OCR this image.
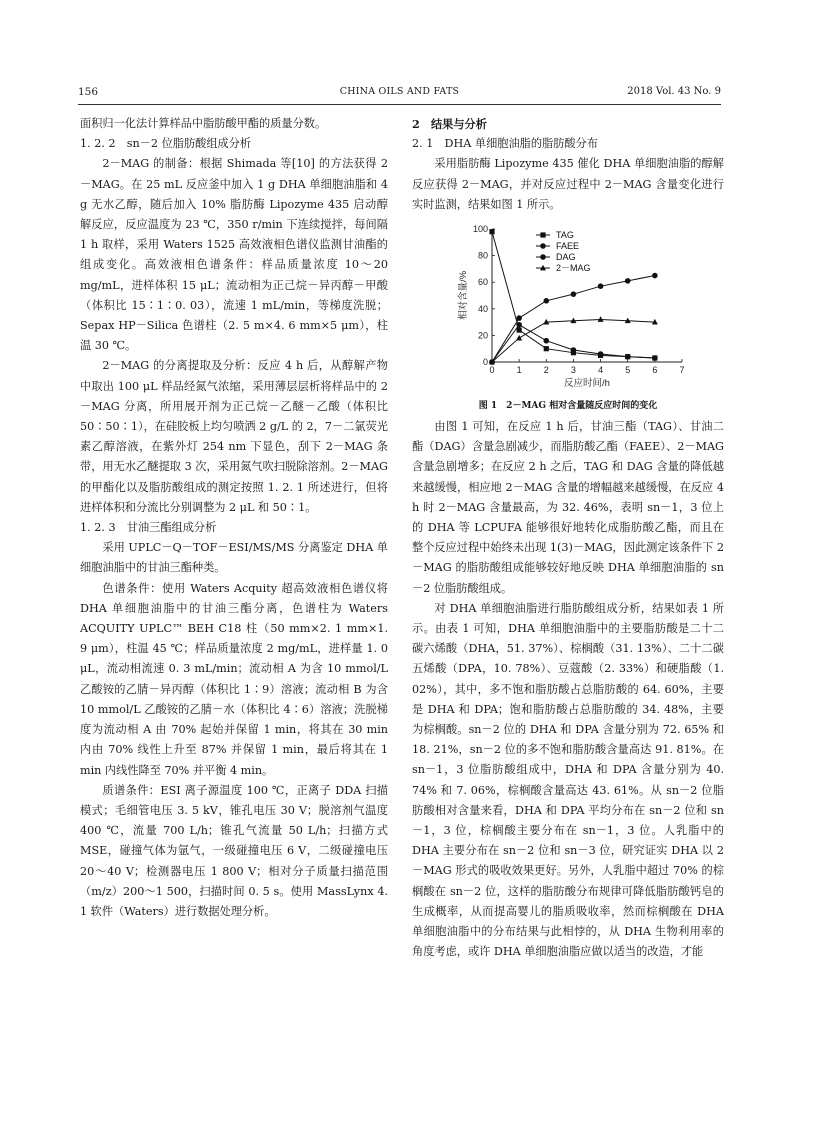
156	CHINA OILS AND FATS	2018 Vol. 43 No. 9

面积归一化法计算样品中脂肪酸甲酯的质量分数。

1. 2. 2　sn－2 位脂肪酸组成分析

2－MAG 的制备：根据 Shimada 等[10] 的方法获得 2－MAG。在 25 mL 反应釜中加入 1 g DHA 单细胞油脂和 4 g 无水乙醇，随后加入 10% 脂肪酶 Lipozyme 435 启动醇解反应，反应温度为 23 ℃，350 r/min 下连续搅拌，每间隔 1 h 取样，采用 Waters 1525 高效液相色谱仪监测甘油酯的组成变化。高效液相色谱条件：样品质量浓度 10～20 mg/mL，进样体积 15 μL；流动相为正己烷－异丙醇－甲酸（体积比 15∶1∶0. 03），流速 1 mL/min，等梯度洗脱；Sepax HP－Silica 色谱柱（2. 5 m×4. 6 mm×5 μm），柱温 30 ℃。

2－MAG 的分离提取及分析：反应 4 h 后，从醇解产物中取出 100 μL 样品经氮气浓缩，采用薄层层析将样品中的 2－MAG 分离，所用展开剂为正己烷－乙醚－乙酸（体积比 50∶50∶1），在硅胶板上均匀喷洒 2 g/L 的 2，7－二氯荧光素乙醇溶液，在紫外灯 254 nm 下显色，刮下 2－MAG 条带，用无水乙醚提取 3 次，采用氮气吹扫脱除溶剂。2－MAG 的甲酯化以及脂肪酸组成的测定按照 1. 2. 1 所述进行，但将进样体积和分流比分别调整为 2 μL 和 50∶1。

1. 2. 3　甘油三酯组成分析

采用 UPLC－Q－TOF－ESI/MS/MS 分离鉴定 DHA 单细胞油脂中的甘油三酯种类。

色谱条件：使用 Waters Acquity 超高效液相色谱仪将 DHA 单细胞油脂中的甘油三酯分离，色谱柱为 Waters ACQUITY UPLC™ BEH C18 柱（50 mm×2. 1 mm×1. 9 μm），柱温 45 ℃；样品质量浓度 2 mg/mL，进样量 1. 0 μL，流动相流速 0. 3 mL/min；流动相 A 为含 10 mmol/L 乙酸铵的乙腈－异丙醇（体积比 1∶9）溶液；流动相 B 为含 10 mmol/L 乙酸铵的乙腈－水（体积比 4∶6）溶液；洗脱梯度为流动相 A 由 70% 起始并保留 1 min，将其在 30 min 内由 70% 线性上升至 87% 并保留 1 min，最后将其在 1 min 内线性降至 70% 并平衡 4 min。

质谱条件：ESI 离子源温度 100 ℃，正离子 DDA 扫描模式；毛细管电压 3. 5 kV，锥孔电压 30 V；脱溶剂气温度 400 ℃，流量 700 L/h；锥孔气流量 50 L/h；扫描方式 MSE，碰撞气体为氩气，一级碰撞电压 6 V，二级碰撞电压 20～40 V；检测器电压 1 800 V；相对分子质量扫描范围（m/z）200～1 500，扫描时间 0. 5 s。使用 MassLynx 4. 1 软件（Waters）进行数据处理分析。

2　结果与分析

2. 1　DHA 单细胞油脂的脂肪酸分布

采用脂肪酶 Lipozyme 435 催化 DHA 单细胞油脂的醇解反应获得 2－MAG，并对反应过程中 2－MAG 含量变化进行实时监测，结果如图 1 所示。

0 1 2 3 4 5 6 7
0
20
40
60
80
100
反应时间/h
相对含量/%
TAG
FAEE
DAG
2－MAG
图 1　2－MAG 相对含量随反应时间的变化

由图 1 可知，在反应 1 h 后，甘油三酯（TAG）、甘油二酯（DAG）含量急剧减少，而脂肪酸乙酯（FAEE）、2－MAG 含量急剧增多；在反应 2 h 之后，TAG 和 DAG 含量的降低越来越缓慢，相应地 2－MAG 含量的增幅越来越缓慢，在反应 4 h 时 2－MAG 含量最高，为 32. 46%，表明 sn－1，3 位上的 DHA 等 LCPUFA 能够很好地转化成脂肪酸乙酯，而且在整个反应过程中始终未出现 1(3)－MAG，因此测定该条件下 2－MAG 的脂肪酸组成能够较好地反映 DHA 单细胞油脂的 sn－2 位脂肪酸组成。

对 DHA 单细胞油脂进行脂肪酸组成分析，结果如表 1 所示。由表 1 可知，DHA 单细胞油脂中的主要脂肪酸是二十二碳六烯酸（DHA，51. 37%）、棕榈酸（31. 13%）、二十二碳五烯酸（DPA，10. 78%）、豆蔻酸（2. 33%）和硬脂酸（1. 02%），其中，多不饱和脂肪酸占总脂肪酸的 64. 60%，主要是 DHA 和 DPA；饱和脂肪酸占总脂肪酸的 34. 48%，主要为棕榈酸。sn－2 位的 DHA 和 DPA 含量分别为 72. 65% 和 18. 21%，sn－2 位的多不饱和脂肪酸含量高达 91. 81%。在 sn－1，3 位脂肪酸组成中，DHA 和 DPA 含量分别为 40. 74% 和 7. 06%，棕榈酸含量高达 43. 61%。从 sn－2 位脂肪酸相对含量来看，DHA 和 DPA 平均分布在 sn－2 位和 sn－1，3 位，棕榈酸主要分布在 sn－1，3 位。人乳脂中的 DHA 主要分布在 sn－2 位和 sn－3 位，研究证实 DHA 以 2－MAG 形式的吸收效果更好。另外，人乳脂中超过 70% 的棕榈酸在 sn－2 位，这样的脂肪酸分布规律可降低脂肪酸钙皂的生成概率，从而提高婴儿的脂质吸收率，然而棕榈酸在 DHA 单细胞油脂中的分布结果与此相悖的，从 DHA 生物利用率的角度考虑，或许 DHA 单细胞油脂应做以适当的改造，才能
